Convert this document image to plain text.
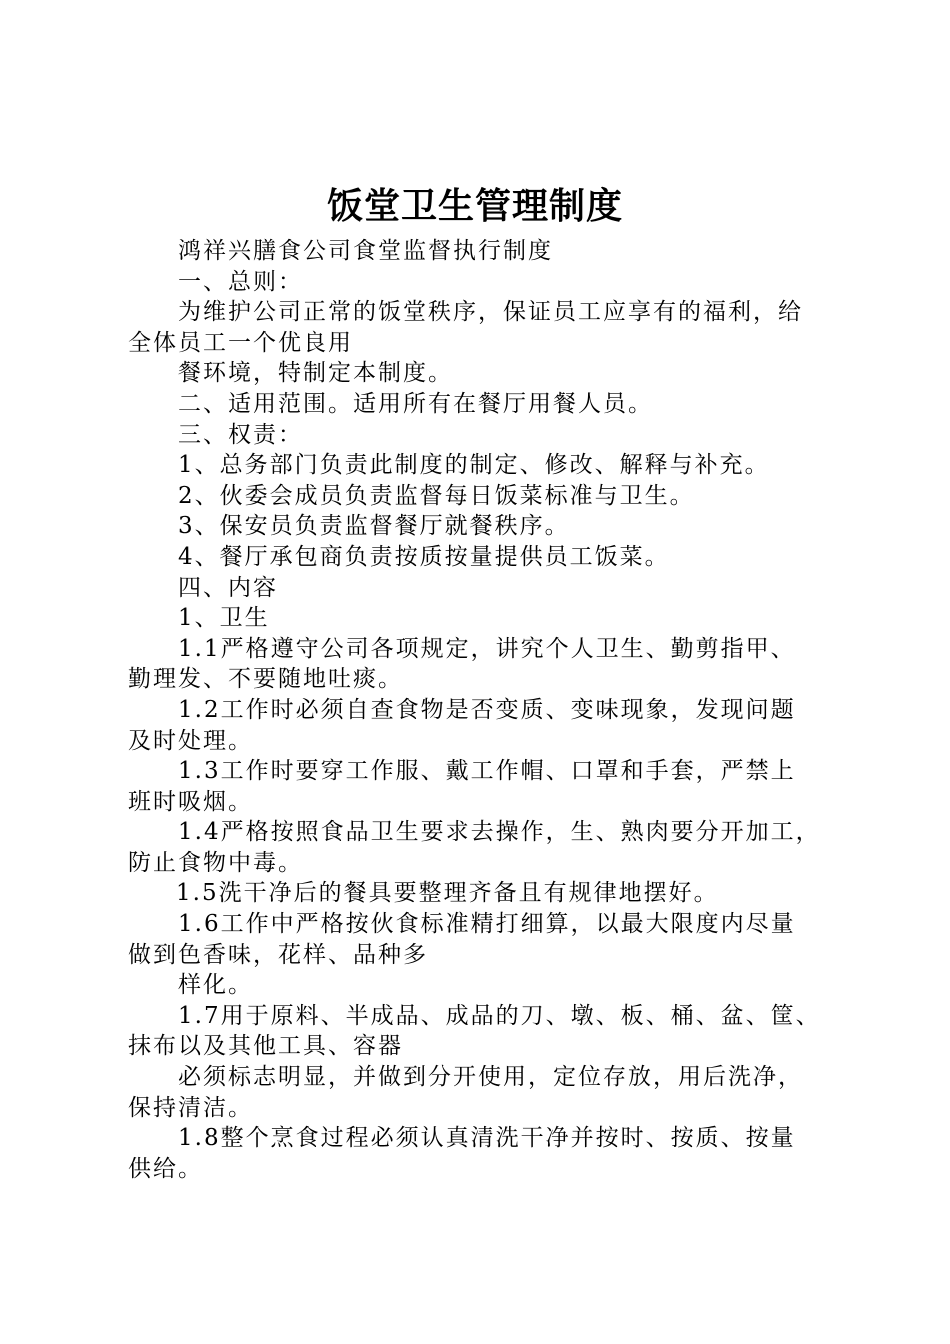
饭堂卫生管理制度

鸿祥兴膳食公司食堂监督执行制度

一、总则：

为维护公司正常的饭堂秩序，保证员工应享有的福利，给

全体员工一个优良用

餐环境，特制定本制度。

二、适用范围。适用所有在餐厅用餐人员。

三、权责：

1、总务部门负责此制度的制定、修改、解释与补充。

2、伙委会成员负责监督每日饭菜标准与卫生。

3、保安员负责监督餐厅就餐秩序。

4、餐厅承包商负责按质按量提供员工饭菜。

四、内容

1、卫生

1.1严格遵守公司各项规定，讲究个人卫生、勤剪指甲、

勤理发、不要随地吐痰。

1.2工作时必须自查食物是否变质、变味现象，发现问题

及时处理。

1.3工作时要穿工作服、戴工作帽、口罩和手套，严禁上

班时吸烟。

1.4严格按照食品卫生要求去操作，生、熟肉要分开加工，

防止食物中毒。

1.5洗干净后的餐具要整理齐备且有规律地摆好。

1.6工作中严格按伙食标准精打细算，以最大限度内尽量

做到色香味，花样、品种多

样化。

1.7用于原料、半成品、成品的刀、墩、板、桶、盆、筐、

抹布以及其他工具、容器

必须标志明显，并做到分开使用，定位存放，用后洗净，

保持清洁。

1.8整个烹食过程必须认真清洗干净并按时、按质、按量

供给。
